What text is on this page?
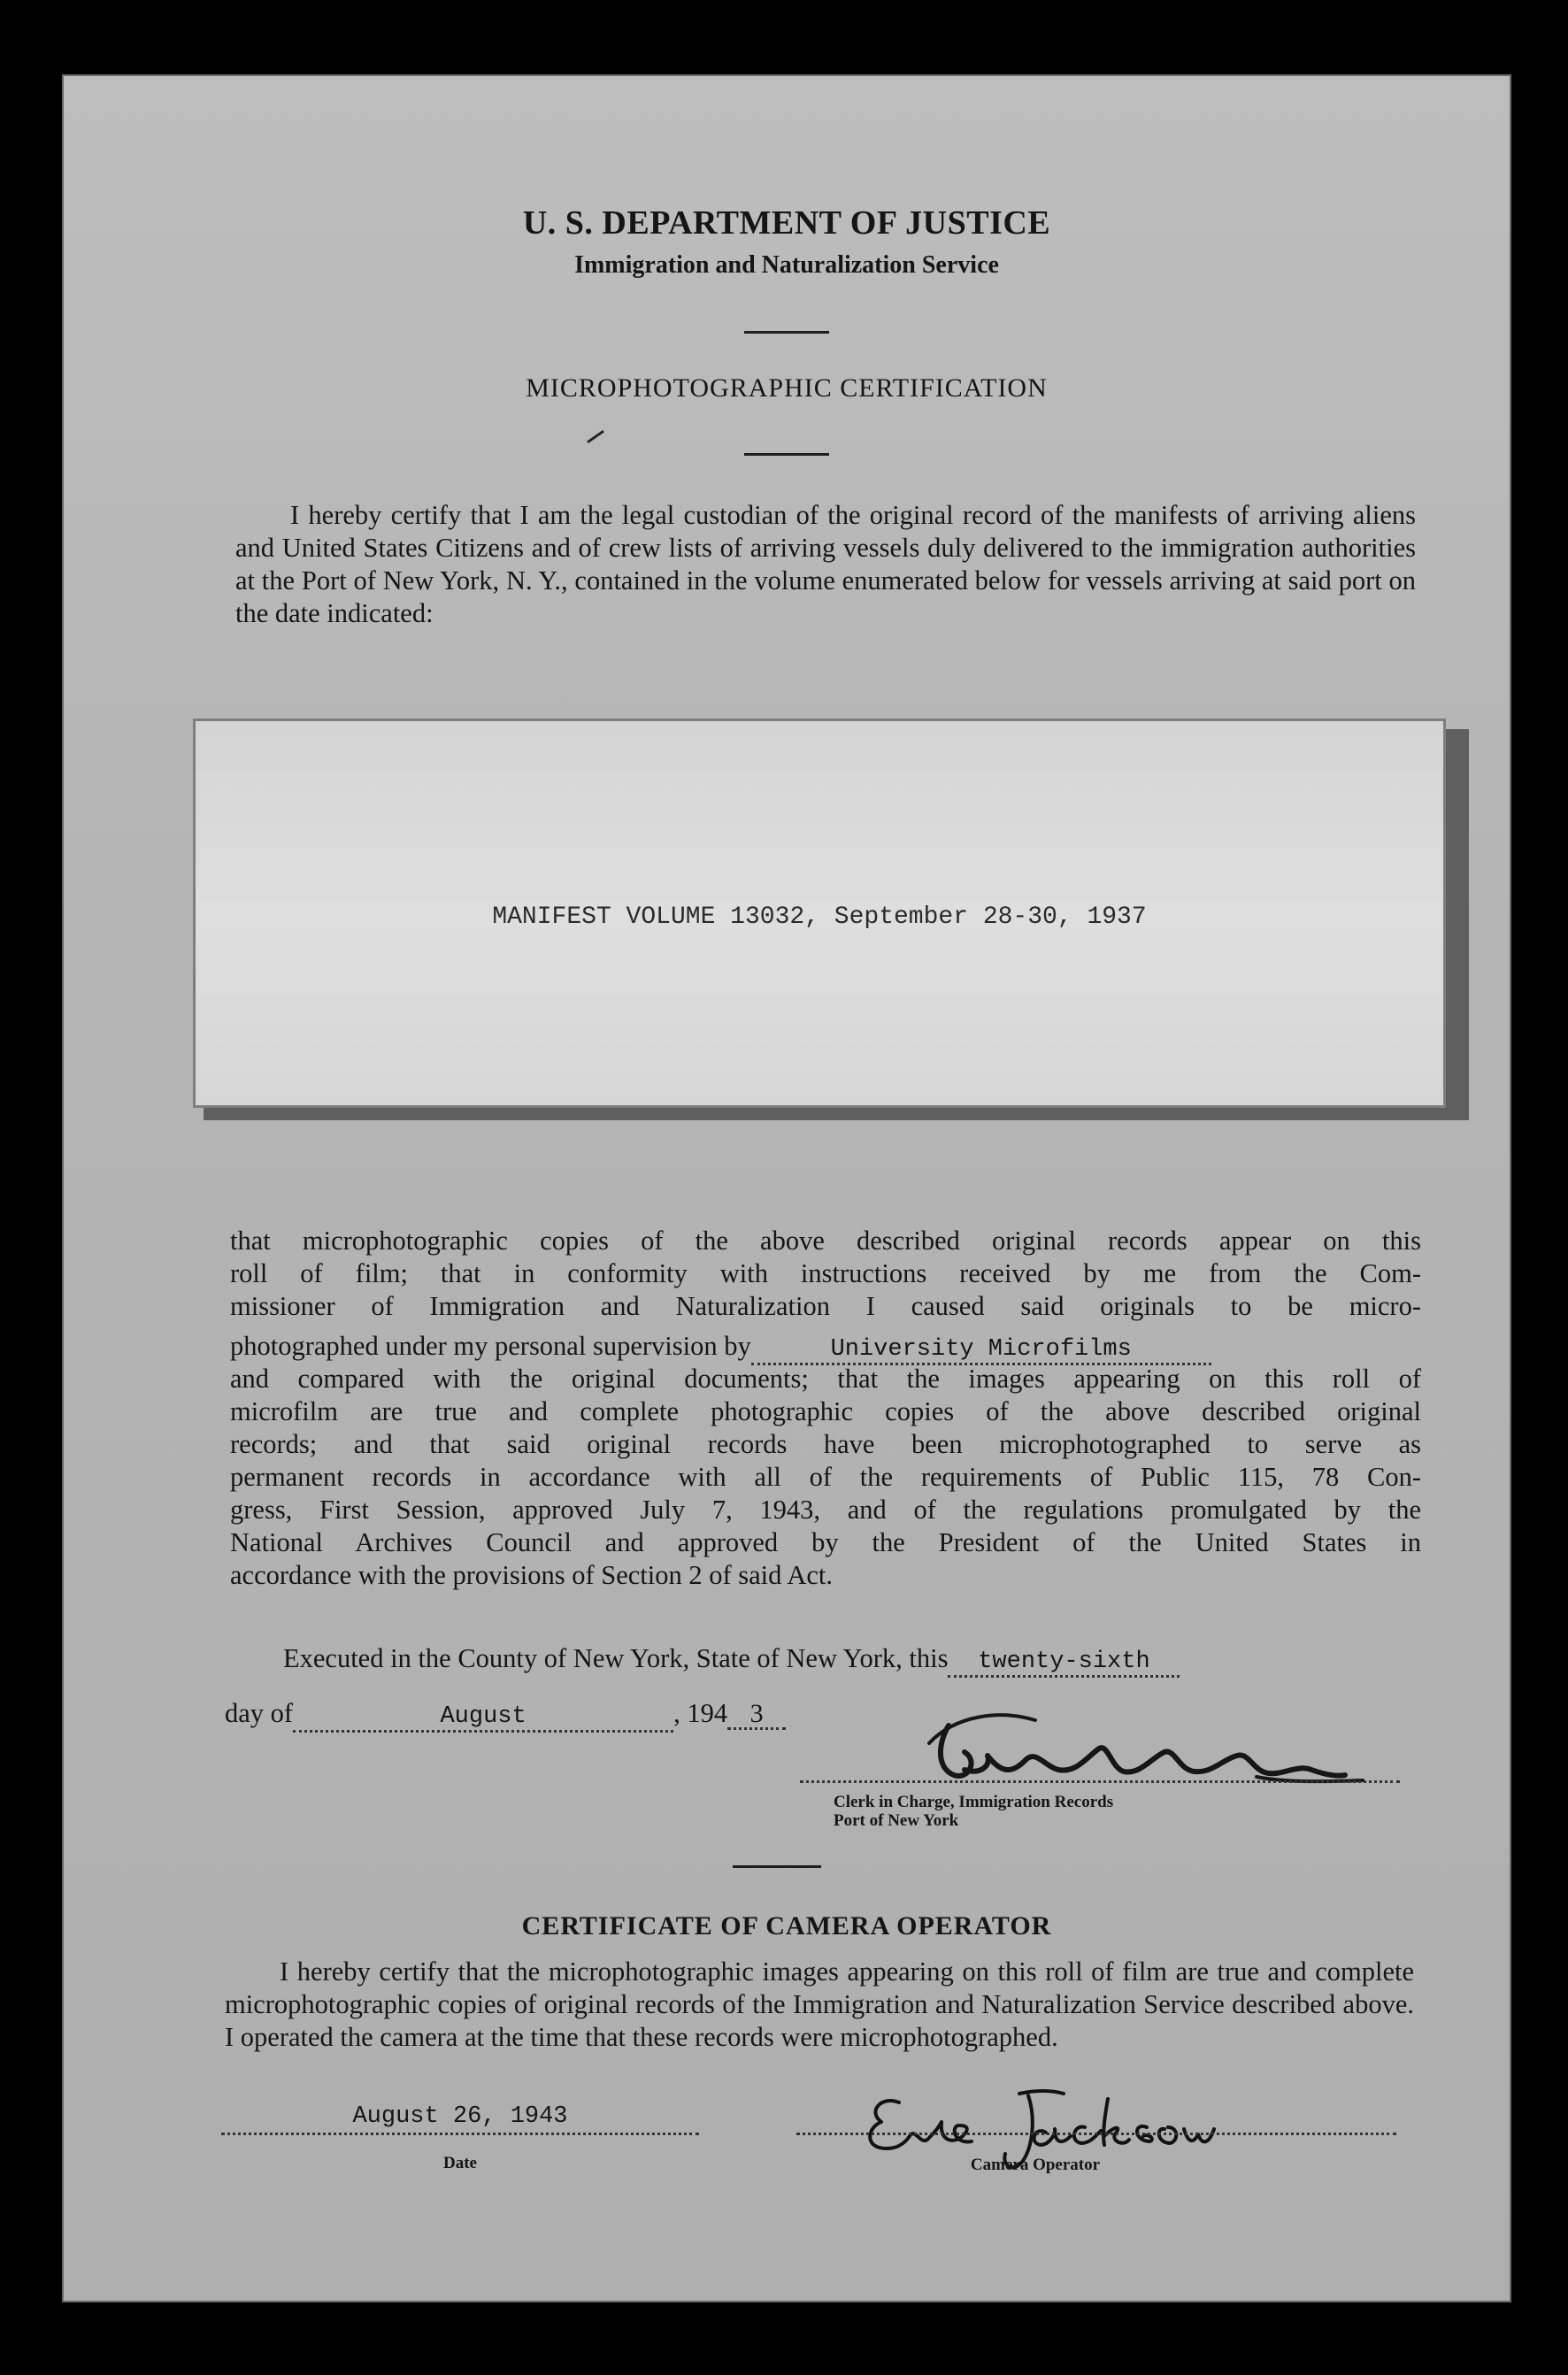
U. S. DEPARTMENT OF JUSTICE
Immigration and Naturalization Service
MICROPHOTOGRAPHIC CERTIFICATION
I hereby certify that I am the legal custodian of the original record of the manifests of arriving aliens and United States Citizens and of crew lists of arriving vessels duly delivered to the immigration authorities at the Port of New York, N. Y., contained in the volume enumerated below for vessels arriving at said port on the date indicated:
MANIFEST VOLUME 13032, September 28-30, 1937
that microphotographic copies of the above described original records appear on this
roll of film; that in conformity with instructions received by me from the Com-
missioner of Immigration and Naturalization I caused said originals to be micro-
photographed under my personal supervision by	University Microfilms
and compared with the original documents; that the images appearing on this roll of
microfilm are true and complete photographic copies of the above described original
records; and that said original records have been microphotographed to serve as
permanent records in accordance with all of the requirements of Public 115, 78 Con-
gress, First Session, approved July 7, 1943, and of the regulations promulgated by the
National Archives Council and approved by the President of the United States in
accordance with the provisions of Section 2 of said Act.
Executed in the County of New York, State of New York, this twenty-sixth
day of	August	, 194 3
Clerk in Charge, Immigration Records
Port of New York
CERTIFICATE OF CAMERA OPERATOR
I hereby certify that the microphotographic images appearing on this roll of film are true and complete microphotographic copies of original records of the Immigration and Naturalization Service described above. I operated the camera at the time that these records were microphotographed.
August 26, 1943
Date	Camera Operator
